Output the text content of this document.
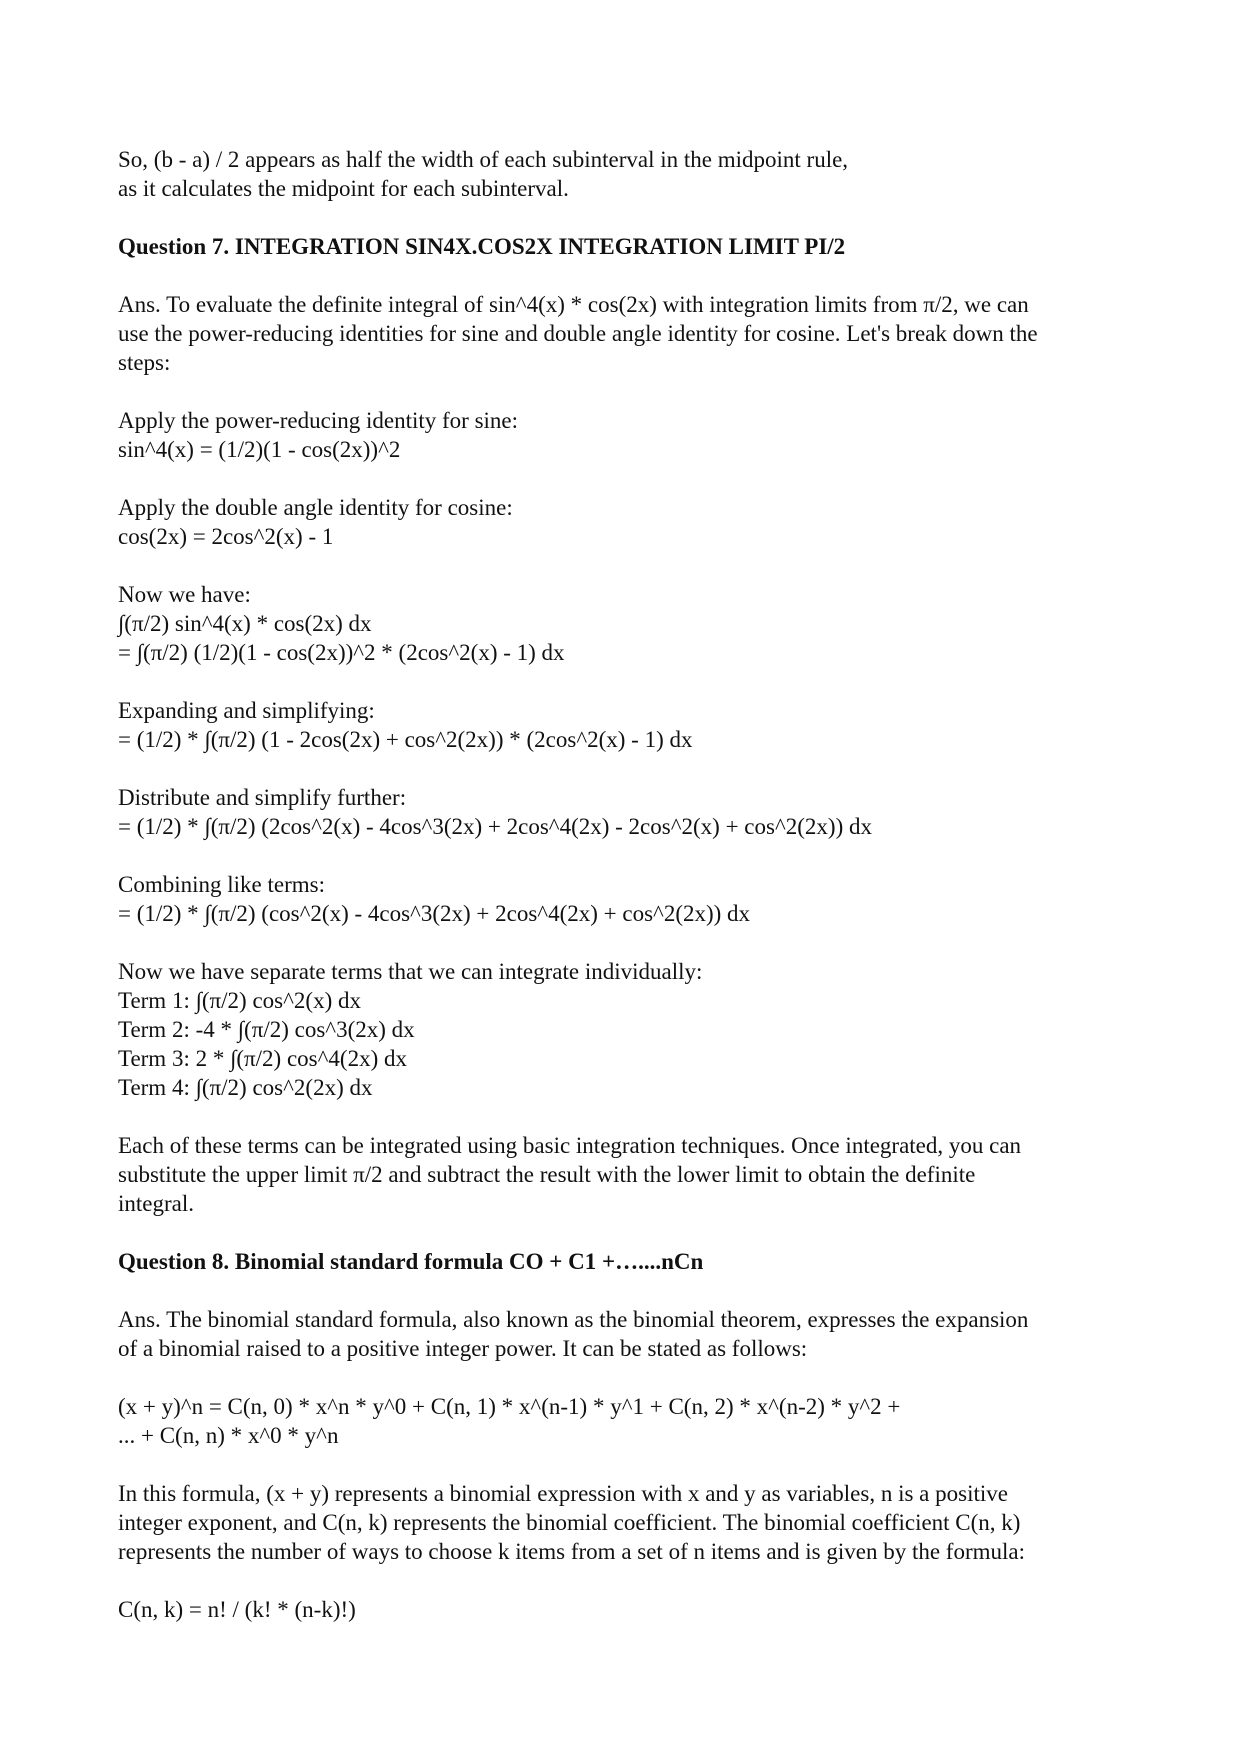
So, (b - a) / 2 appears as half the width of each subinterval in the midpoint rule,
as it calculates the midpoint for each subinterval.
Question 7. INTEGRATION SIN4X.COS2X INTEGRATION LIMIT PI/2
Ans. To evaluate the definite integral of sin^4(x) * cos(2x) with integration limits from π/2, we can
use the power-reducing identities for sine and double angle identity for cosine. Let's break down the
steps:
Apply the power-reducing identity for sine:
sin^4(x) = (1/2)(1 - cos(2x))^2
Apply the double angle identity for cosine:
cos(2x) = 2cos^2(x) - 1
Now we have:
∫(π/2) sin^4(x) * cos(2x) dx
= ∫(π/2) (1/2)(1 - cos(2x))^2 * (2cos^2(x) - 1) dx
Expanding and simplifying:
= (1/2) * ∫(π/2) (1 - 2cos(2x) + cos^2(2x)) * (2cos^2(x) - 1) dx
Distribute and simplify further:
= (1/2) * ∫(π/2) (2cos^2(x) - 4cos^3(2x) + 2cos^4(2x) - 2cos^2(x) + cos^2(2x)) dx
Combining like terms:
= (1/2) * ∫(π/2) (cos^2(x) - 4cos^3(2x) + 2cos^4(2x) + cos^2(2x)) dx
Now we have separate terms that we can integrate individually:
Term 1: ∫(π/2) cos^2(x) dx
Term 2: -4 * ∫(π/2) cos^3(2x) dx
Term 3: 2 * ∫(π/2) cos^4(2x) dx
Term 4: ∫(π/2) cos^2(2x) dx
Each of these terms can be integrated using basic integration techniques. Once integrated, you can
substitute the upper limit π/2 and subtract the result with the lower limit to obtain the definite
integral.
Question 8. Binomial standard formula CO + C1 +…....nCn
Ans. The binomial standard formula, also known as the binomial theorem, expresses the expansion
of a binomial raised to a positive integer power. It can be stated as follows:
(x + y)^n = C(n, 0) * x^n * y^0 + C(n, 1) * x^(n-1) * y^1 + C(n, 2) * x^(n-2) * y^2 +
... + C(n, n) * x^0 * y^n
In this formula, (x + y) represents a binomial expression with x and y as variables, n is a positive
integer exponent, and C(n, k) represents the binomial coefficient. The binomial coefficient C(n, k)
represents the number of ways to choose k items from a set of n items and is given by the formula:
C(n, k) = n! / (k! * (n-k)!)
